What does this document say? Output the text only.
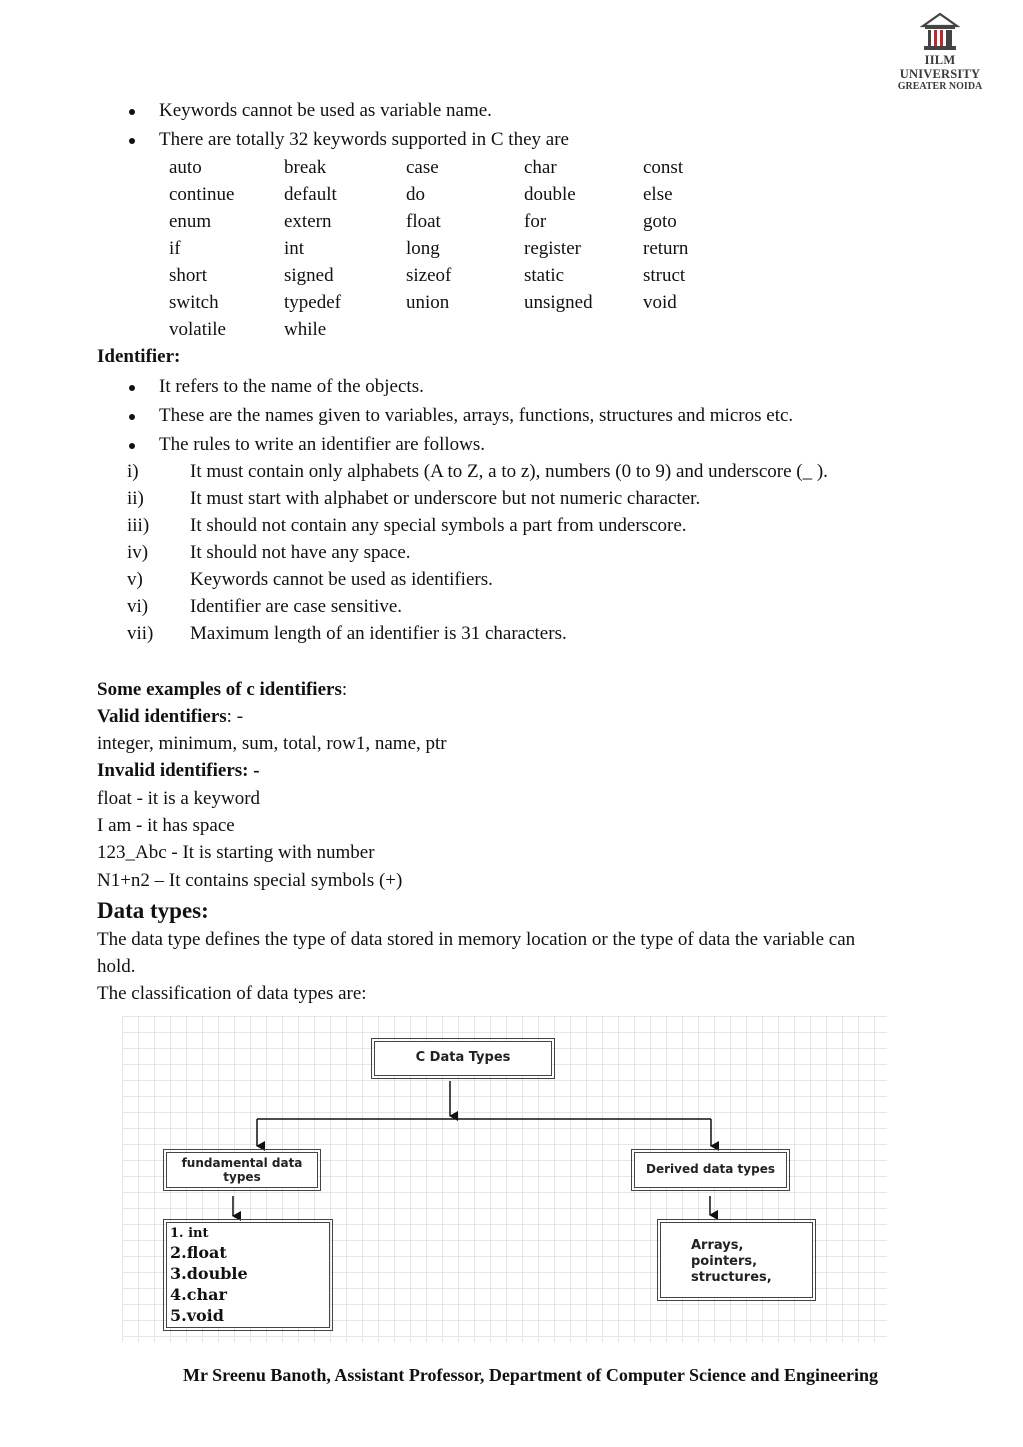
IILM UNIVERSITY
GREATER NOIDA
Keywords cannot be used as variable name.
There are totally 32 keywords supported in C they are
auto	break	case	char	const
continue	default	do	double	else
enum	extern	float	for	goto
if	int	long	register	return
short	signed	sizeof	static	struct
switch	typedef	union	unsigned	void
volatile	while
Identifier:
It refers to the name of the objects.
These are the names given to variables, arrays, functions, structures and micros etc.
The rules to write an identifier are follows.
i)	It must contain only alphabets (A to Z, a to z), numbers (0 to 9) and underscore (_ ).
ii) It must start with alphabet or underscore but not numeric character.
iii) It should not contain any special symbols a part from underscore.
iv) It should not have any space.
v) Keywords cannot be used as identifiers.
vi) Identifier are case sensitive.
vii) Maximum length of an identifier is 31 characters.
Some examples of c identifiers:
Valid identifiers: -
integer, minimum, sum, total, row1, name, ptr
Invalid identifiers: -
float - it is a keyword
I am - it has space
123_Abc - It is starting with number
N1+n2 – It contains special symbols (+)
Data types:
The data type defines the type of data stored in memory location or the type of data the variable can
hold.
The classification of data types are:
C Data Types
fundamental data
types
Derived data types
1. int
2.float
3.double
4.char
5.void
Arrays,
pointers,
structures,
Mr Sreenu Banoth, Assistant Professor, Department of Computer Science and Engineering
